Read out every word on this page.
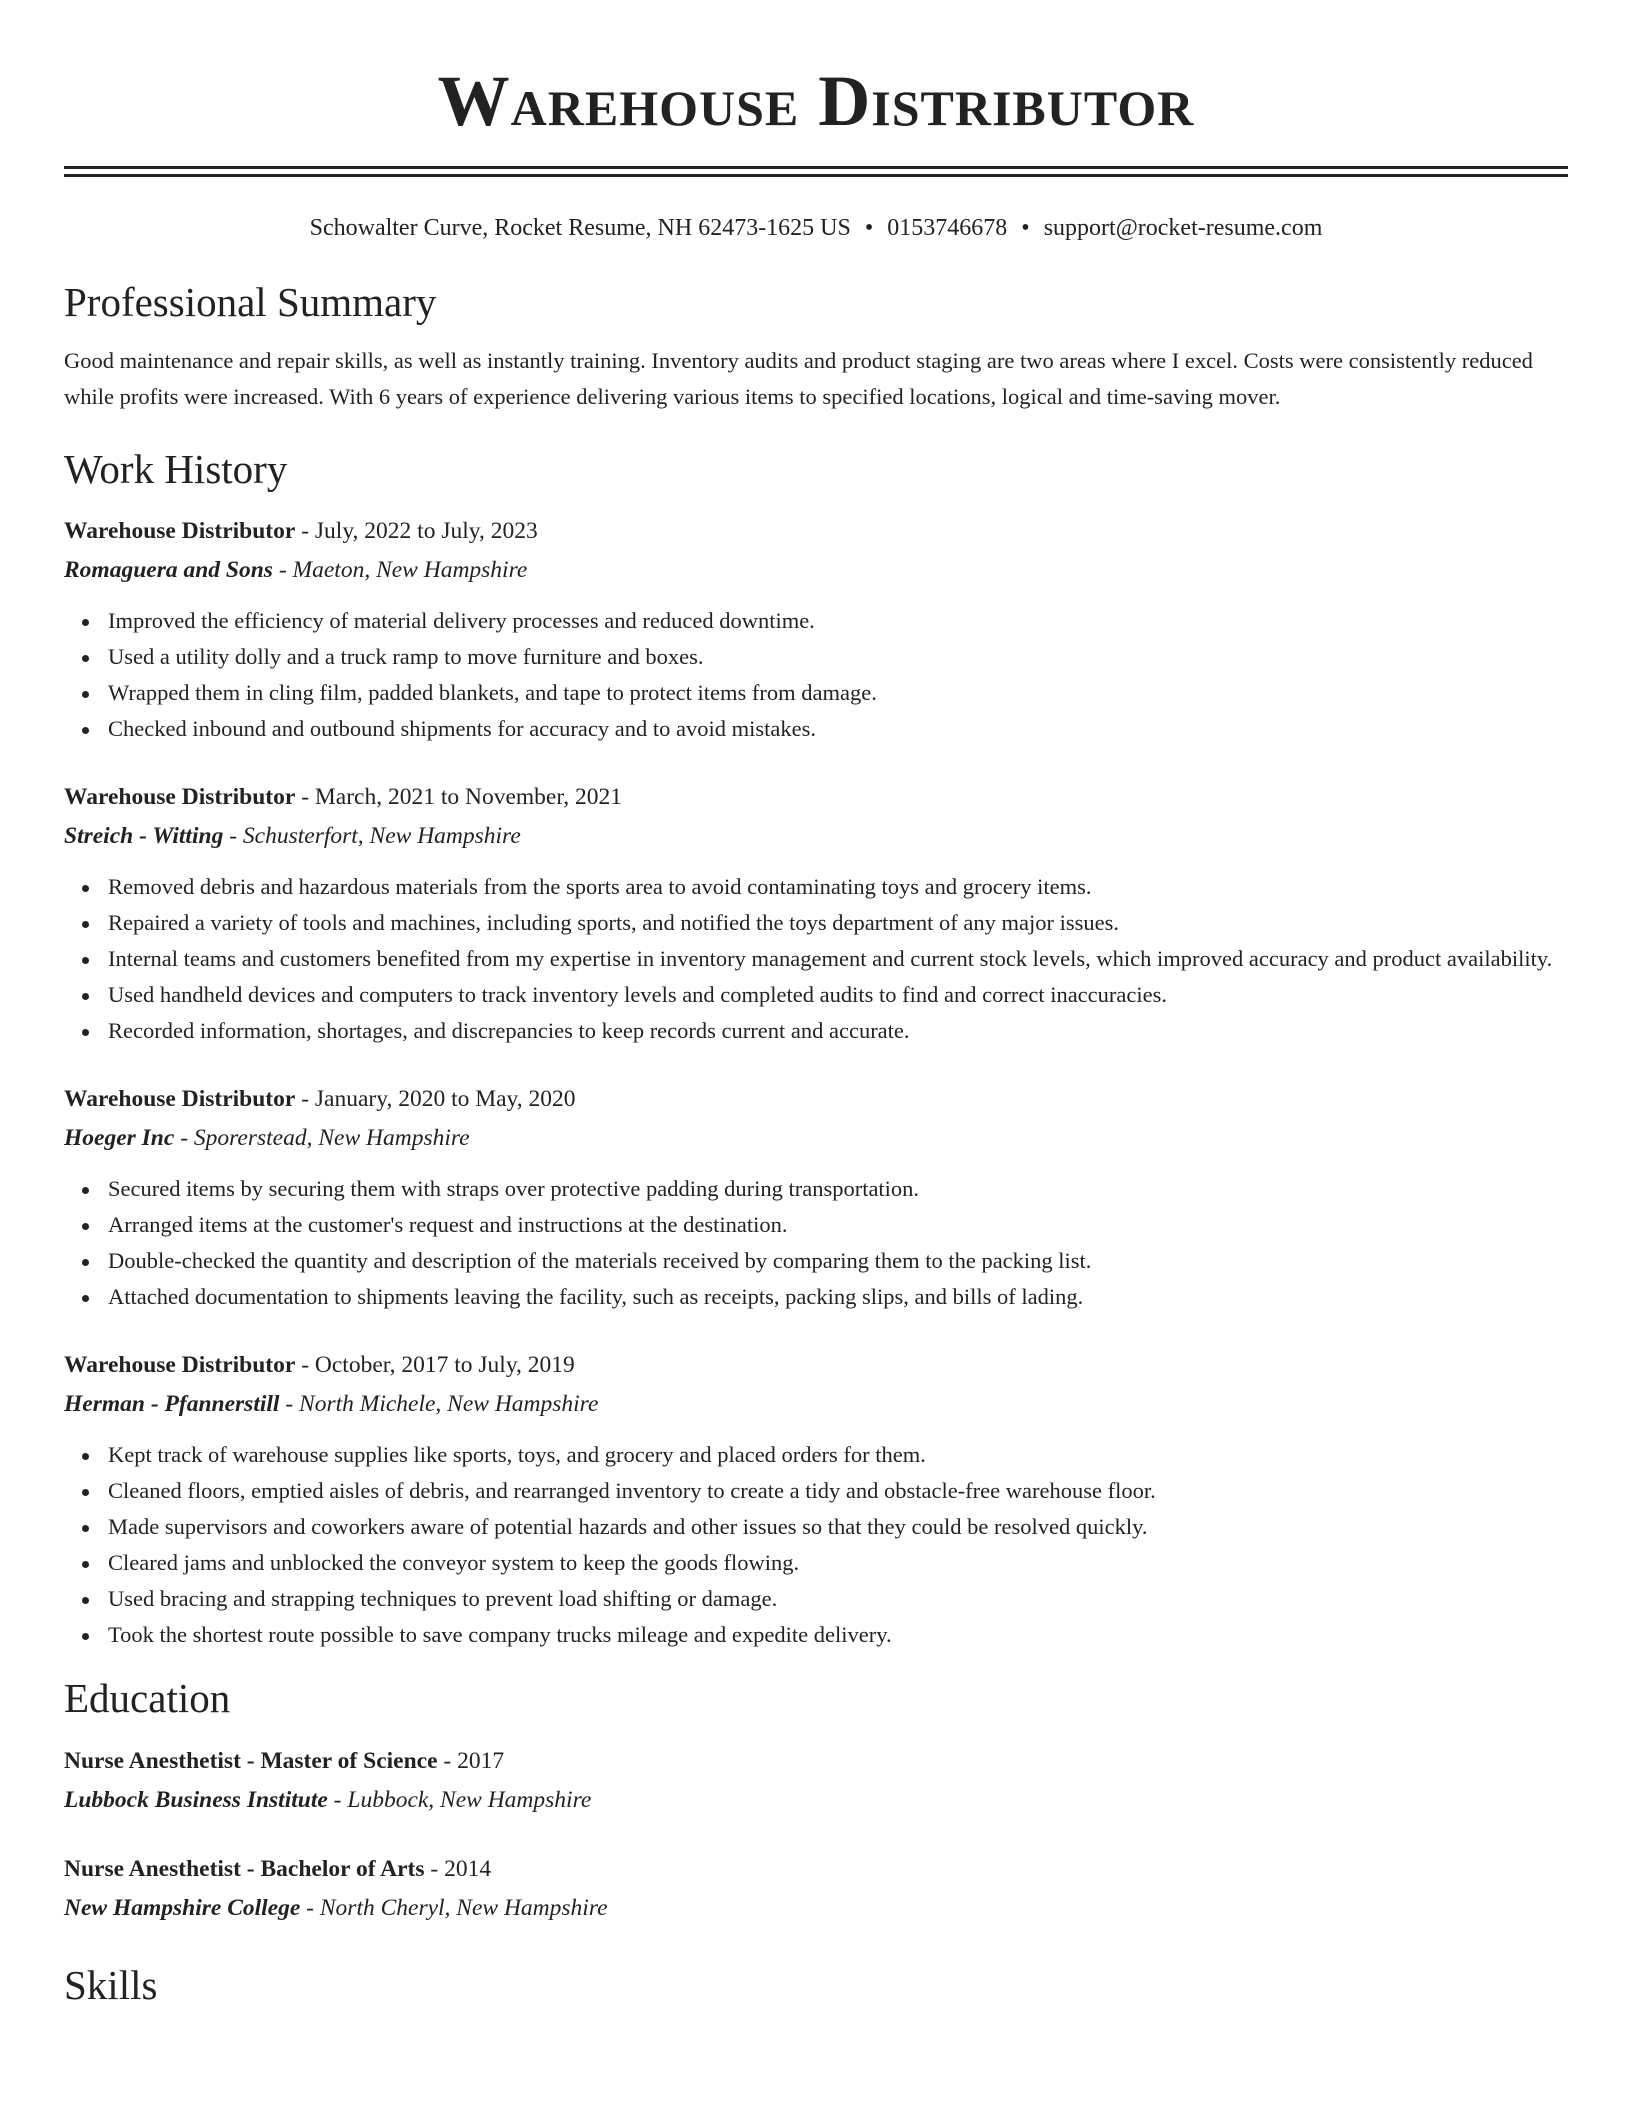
Warehouse Distributor
Schowalter Curve, Rocket Resume, NH 62473-1625 US • 0153746678 • support@rocket-resume.com
Professional Summary
Good maintenance and repair skills, as well as instantly training. Inventory audits and product staging are two areas where I excel. Costs were consistently reduced while profits were increased. With 6 years of experience delivering various items to specified locations, logical and time-saving mover.
Work History
Warehouse Distributor - July, 2022 to July, 2023
Romaguera and Sons - Maeton, New Hampshire
Improved the efficiency of material delivery processes and reduced downtime.
Used a utility dolly and a truck ramp to move furniture and boxes.
Wrapped them in cling film, padded blankets, and tape to protect items from damage.
Checked inbound and outbound shipments for accuracy and to avoid mistakes.
Warehouse Distributor - March, 2021 to November, 2021
Streich - Witting - Schusterfort, New Hampshire
Removed debris and hazardous materials from the sports area to avoid contaminating toys and grocery items.
Repaired a variety of tools and machines, including sports, and notified the toys department of any major issues.
Internal teams and customers benefited from my expertise in inventory management and current stock levels, which improved accuracy and product availability.
Used handheld devices and computers to track inventory levels and completed audits to find and correct inaccuracies.
Recorded information, shortages, and discrepancies to keep records current and accurate.
Warehouse Distributor - January, 2020 to May, 2020
Hoeger Inc - Sporerstead, New Hampshire
Secured items by securing them with straps over protective padding during transportation.
Arranged items at the customer's request and instructions at the destination.
Double-checked the quantity and description of the materials received by comparing them to the packing list.
Attached documentation to shipments leaving the facility, such as receipts, packing slips, and bills of lading.
Warehouse Distributor - October, 2017 to July, 2019
Herman - Pfannerstill - North Michele, New Hampshire
Kept track of warehouse supplies like sports, toys, and grocery and placed orders for them.
Cleaned floors, emptied aisles of debris, and rearranged inventory to create a tidy and obstacle-free warehouse floor.
Made supervisors and coworkers aware of potential hazards and other issues so that they could be resolved quickly.
Cleared jams and unblocked the conveyor system to keep the goods flowing.
Used bracing and strapping techniques to prevent load shifting or damage.
Took the shortest route possible to save company trucks mileage and expedite delivery.
Education
Nurse Anesthetist - Master of Science - 2017
Lubbock Business Institute - Lubbock, New Hampshire
Nurse Anesthetist - Bachelor of Arts - 2014
New Hampshire College - North Cheryl, New Hampshire
Skills
